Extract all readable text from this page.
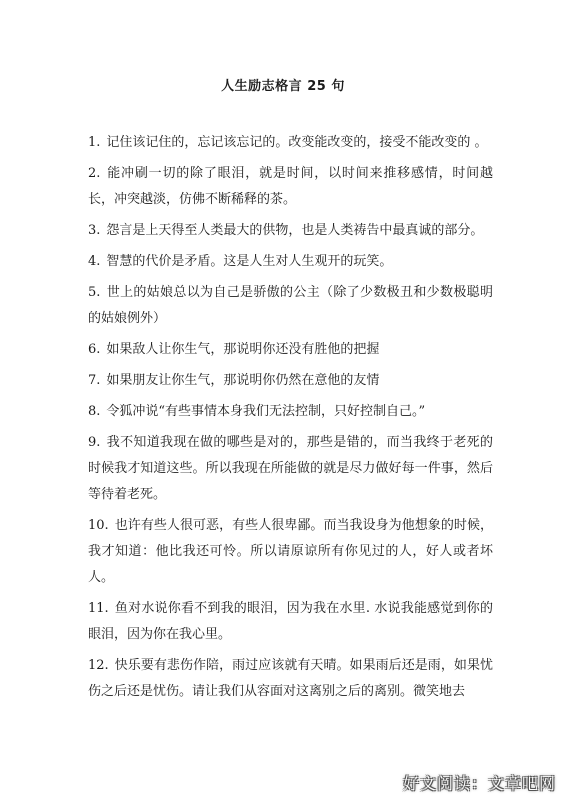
人生励志格言 25 句
1. 记住该记住的，忘记该忘记的。改变能改变的，接受不能改变的 。
2. 能冲刷一切的除了眼泪，就是时间，以时间来推移感情，时间越长，冲突越淡，仿佛不断稀释的茶。
3. 怨言是上天得至人类最大的供物，也是人类祷告中最真诚的部分。
4. 智慧的代价是矛盾。这是人生对人生观开的玩笑。
5. 世上的姑娘总以为自己是骄傲的公主（除了少数极丑和少数极聪明的姑娘例外）
6. 如果敌人让你生气，那说明你还没有胜他的把握
7. 如果朋友让你生气，那说明你仍然在意他的友情
8. 令狐冲说“有些事情本身我们无法控制，只好控制自己。”
9. 我不知道我现在做的哪些是对的，那些是错的，而当我终于老死的时候我才知道这些。所以我现在所能做的就是尽力做好每一件事，然后等待着老死。
10. 也许有些人很可恶，有些人很卑鄙。而当我设身为他想象的时候，我才知道：他比我还可怜。所以请原谅所有你见过的人，好人或者坏人。
11. 鱼对水说你看不到我的眼泪，因为我在水里. 水说我能感觉到你的眼泪，因为你在我心里。
12. 快乐要有悲伤作陪，雨过应该就有天晴。如果雨后还是雨，如果忧伤之后还是忧伤。请让我们从容面对这离别之后的离别。微笑地去
好文阅读：文章吧网
